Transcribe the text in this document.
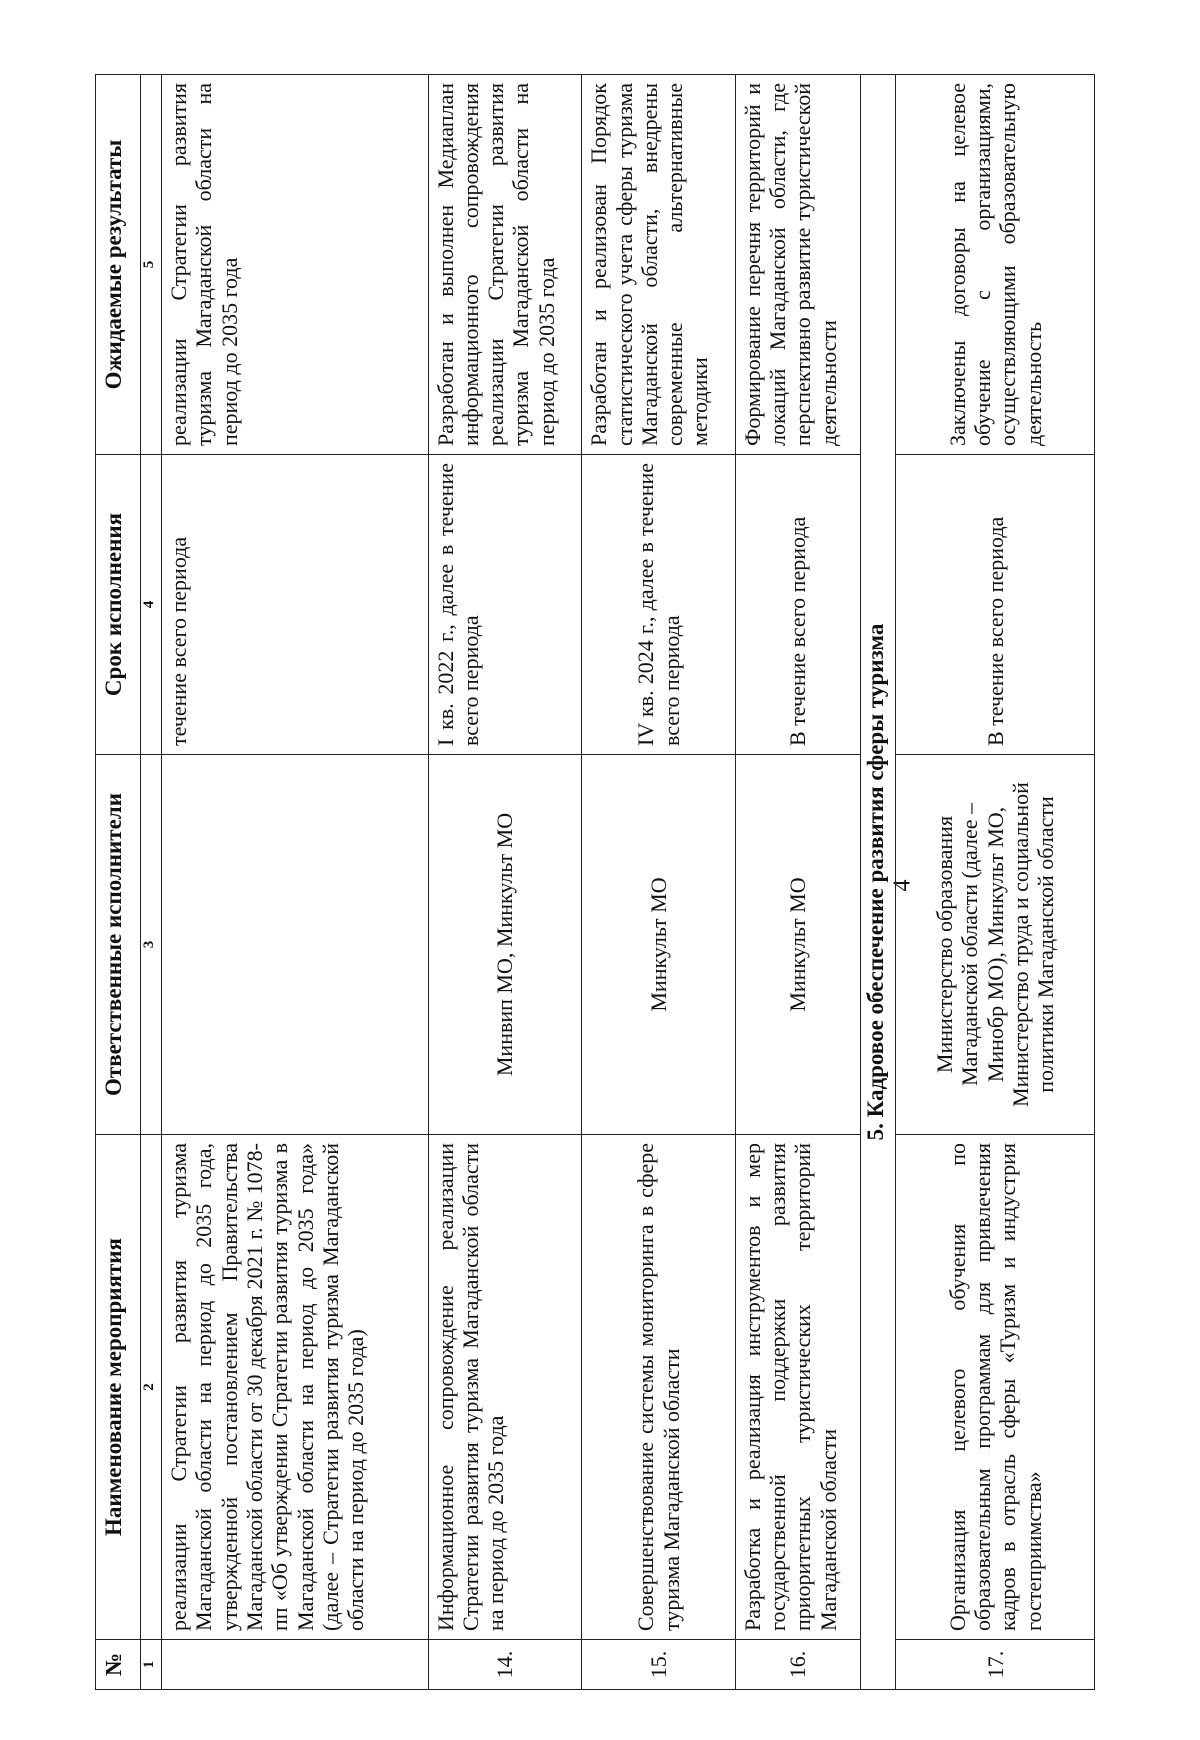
4
№	Наименование мероприятия	Ответственные исполнители	Срок исполнения	Ожидаемые результаты
1	2	3	4	5
	реализации Стратегии развития туризма Магаданской области на период до 2035 года, утвержденной постановлением Правительства Магаданской области от 30 декабря 2021 г. № 1078-пп «Об утверждении Стратегии развития туризма в Магаданской области на период до 2035 года» (далее – Стратегии развития туризма Магаданской области на период до 2035 года)		течение всего периода	реализации Стратегии развития туризма Магаданской области на период до 2035 года
14.	Информационное сопровождение реализации Стратегии развития туризма Магаданской области на период до 2035 года	Минвип МО, Минкульт МО	I кв. 2022 г., далее в течение всего периода	Разработан и выполнен Медиаплан информационного сопровождения реализации Стратегии развития туризма Магаданской области на период до 2035 года
15.	Совершенствование системы мониторинга в сфере туризма Магаданской области	Минкульт МО	IV кв. 2024 г., далее в течение всего периода	Разработан и реализован Порядок статистического учета сферы туризма Магаданской области, внедрены современные альтернативные методики
16.	Разработка и реализация инструментов и мер государственной поддержки развития приоритетных туристических территорий Магаданской области	Минкульт МО	В течение всего периода	Формирование перечня территорий и локаций Магаданской области, где перспективно развитие туристической деятельности
5. Кадровое обеспечение развития сферы туризма				
17.	Организация целевого обучения по образовательным программам для привлечения кадров в отрасль сферы «Туризм и индустрия гостеприимства»	Министерство образования Магаданской области (далее – Минобр МО), Минкульт МО, Министерство труда и социальной политики Магаданской области	В течение всего периода	Заключены договоры на целевое обучение с организациями, осуществляющими образовательную деятельность
